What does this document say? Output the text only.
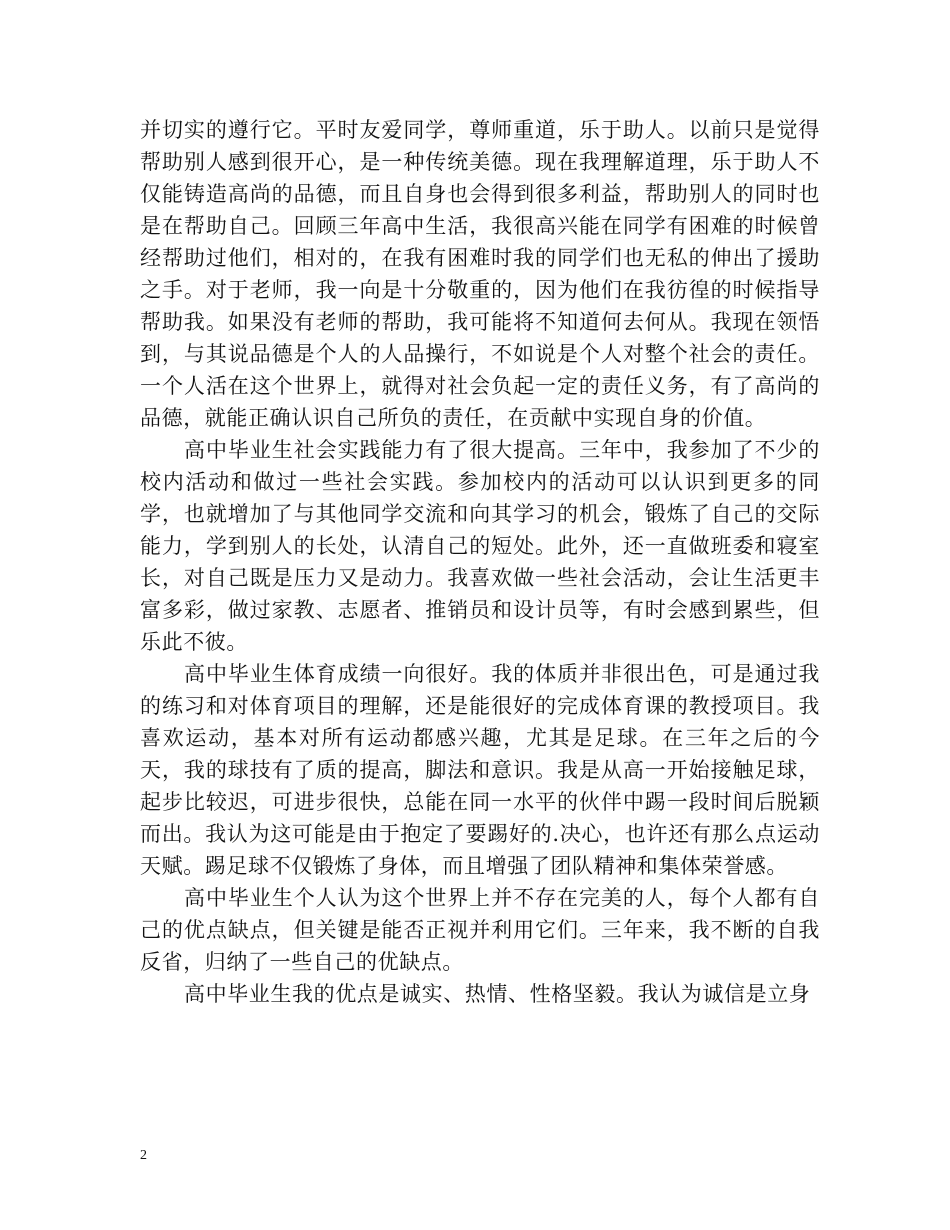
并切实的遵行它。平时友爱同学，尊师重道，乐于助人。以前只是觉得帮助别人感到很开心，是一种传统美德。现在我理解道理，乐于助人不仅能铸造高尚的品德，而且自身也会得到很多利益，帮助别人的同时也是在帮助自己。回顾三年高中生活，我很高兴能在同学有困难的时候曾经帮助过他们，相对的，在我有困难时我的同学们也无私的伸出了援助之手。对于老师，我一向是十分敬重的，因为他们在我彷徨的时候指导帮助我。如果没有老师的帮助，我可能将不知道何去何从。我现在领悟到，与其说品德是个人的人品操行，不如说是个人对整个社会的责任。一个人活在这个世界上，就得对社会负起一定的责任义务，有了高尚的品德，就能正确认识自己所负的责任，在贡献中实现自身的价值。

高中毕业生社会实践能力有了很大提高。三年中，我参加了不少的校内活动和做过一些社会实践。参加校内的活动可以认识到更多的同学，也就增加了与其他同学交流和向其学习的机会，锻炼了自己的交际能力，学到别人的长处，认清自己的短处。此外，还一直做班委和寝室长，对自己既是压力又是动力。我喜欢做一些社会活动，会让生活更丰富多彩，做过家教、志愿者、推销员和设计员等，有时会感到累些，但乐此不彼。

高中毕业生体育成绩一向很好。我的体质并非很出色，可是通过我的练习和对体育项目的理解，还是能很好的完成体育课的教授项目。我喜欢运动，基本对所有运动都感兴趣，尤其是足球。在三年之后的今天，我的球技有了质的提高，脚法和意识。我是从高一开始接触足球，起步比较迟，可进步很快，总能在同一水平的伙伴中踢一段时间后脱颖而出。我认为这可能是由于抱定了要踢好的.决心，也许还有那么点运动天赋。踢足球不仅锻炼了身体，而且增强了团队精神和集体荣誉感。

高中毕业生个人认为这个世界上并不存在完美的人，每个人都有自己的优点缺点，但关键是能否正视并利用它们。三年来，我不断的自我反省，归纳了一些自己的优缺点。

高中毕业生我的优点是诚实、热情、性格坚毅。我认为诚信是立身

2
